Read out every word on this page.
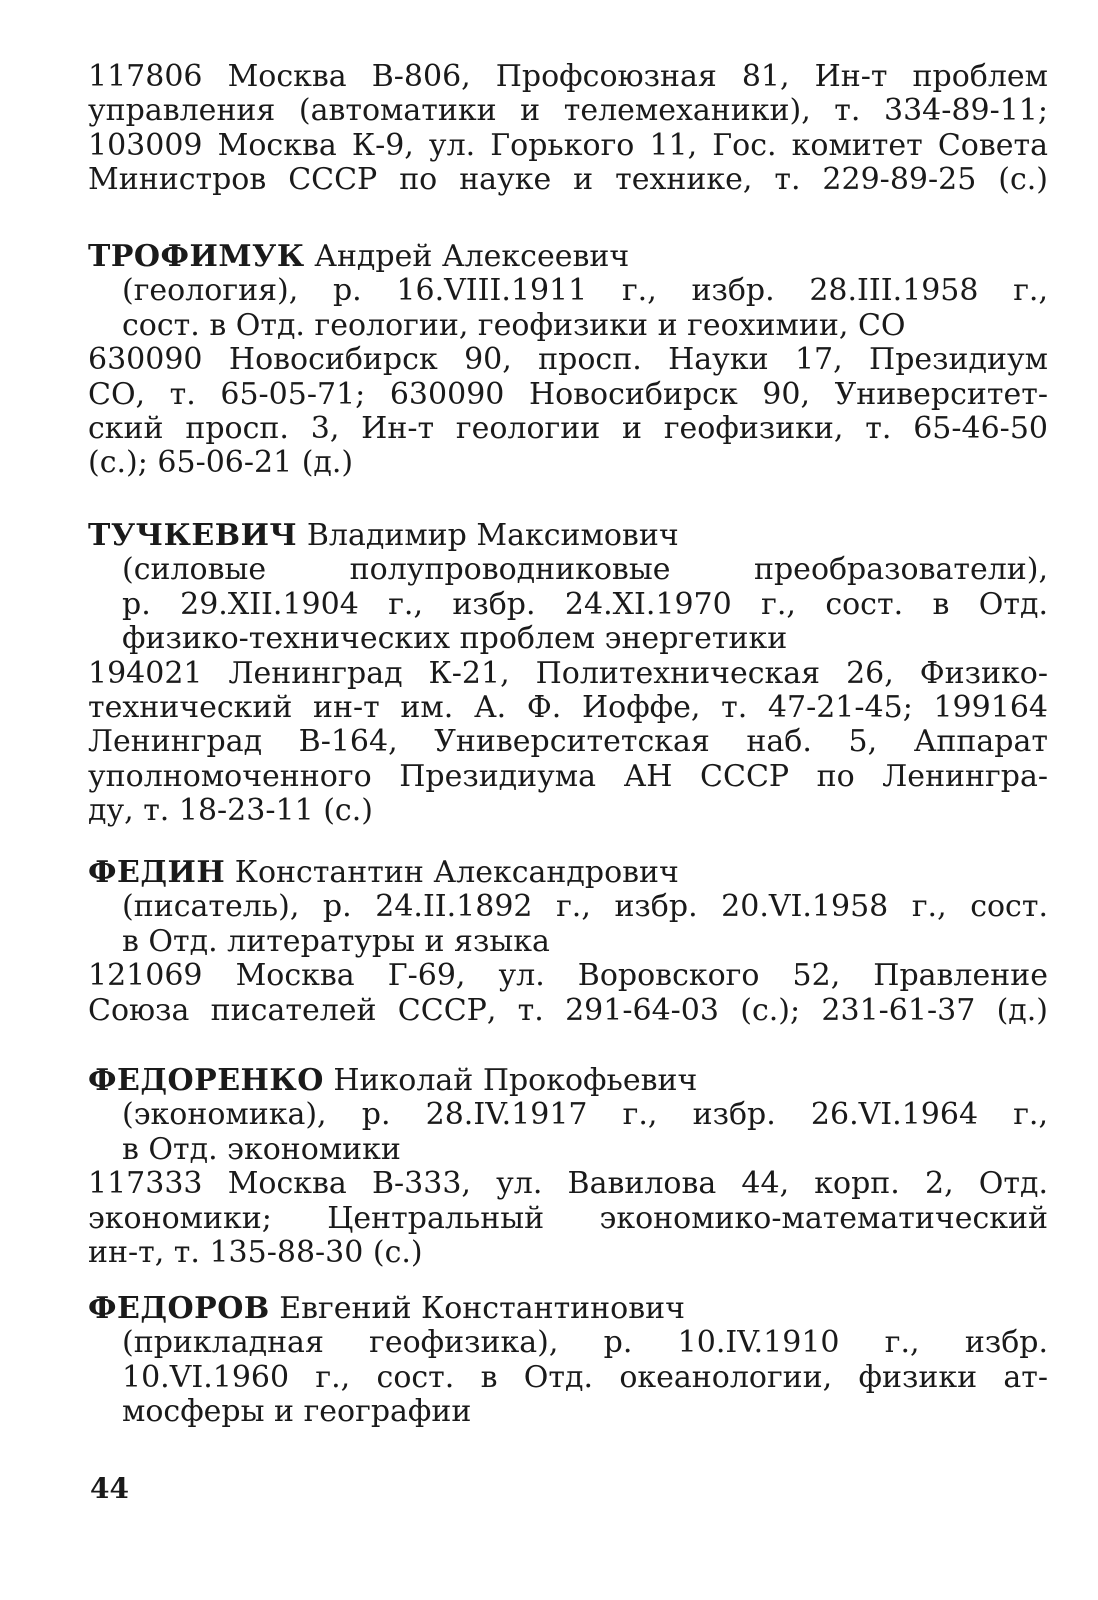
117806 Москва В-806, Профсоюзная 81, Ин-т проблем
управления (автоматики и телемеханики), т. 334-89-11;
103009 Москва К-9, ул. Горького 11, Гос. комитет Совета
Министров СССР по науке и технике, т. 229-89-25 (с.)
ТРОФИМУК Андрей Алексеевич
(геология), р. 16.VIII.1911 г., избр. 28.III.1958 г.,
сост. в Отд. геологии, геофизики и геохимии, СО
630090 Новосибирск 90, просп. Науки 17, Президиум
СО, т. 65-05-71; 630090 Новосибирск 90, Университет-
ский просп. 3, Ин-т геологии и геофизики, т. 65-46-50
(с.); 65-06-21 (д.)
ТУЧКЕВИЧ Владимир Максимович
(силовые полупроводниковые преобразователи),
р. 29.XII.1904 г., избр. 24.XI.1970 г., сост. в Отд.
физико-технических проблем энергетики
194021 Ленинград К-21, Политехническая 26, Физико-
технический ин-т им. А. Ф. Иоффе, т. 47-21-45; 199164
Ленинград В-164, Университетская наб. 5, Аппарат
уполномоченного Президиума АН СССР по Ленингра-
ду, т. 18-23-11 (с.)
ФЕДИН Константин Александрович
(писатель), р. 24.II.1892 г., избр. 20.VI.1958 г., сост.
в Отд. литературы и языка
121069 Москва Г-69, ул. Воровского 52, Правление
Союза писателей СССР, т. 291-64-03 (с.); 231-61-37 (д.)
ФЕДОРЕНКО Николай Прокофьевич
(экономика), р. 28.IV.1917 г., избр. 26.VI.1964 г.,
в Отд. экономики
117333 Москва В-333, ул. Вавилова 44, корп. 2, Отд.
экономики; Центральный экономико-математический
ин-т, т. 135-88-30 (с.)
ФЕДОРОВ Евгений Константинович
(прикладная геофизика), р. 10.IV.1910 г., избр.
10.VI.1960 г., сост. в Отд. океанологии, физики ат-
мосферы и географии
44
